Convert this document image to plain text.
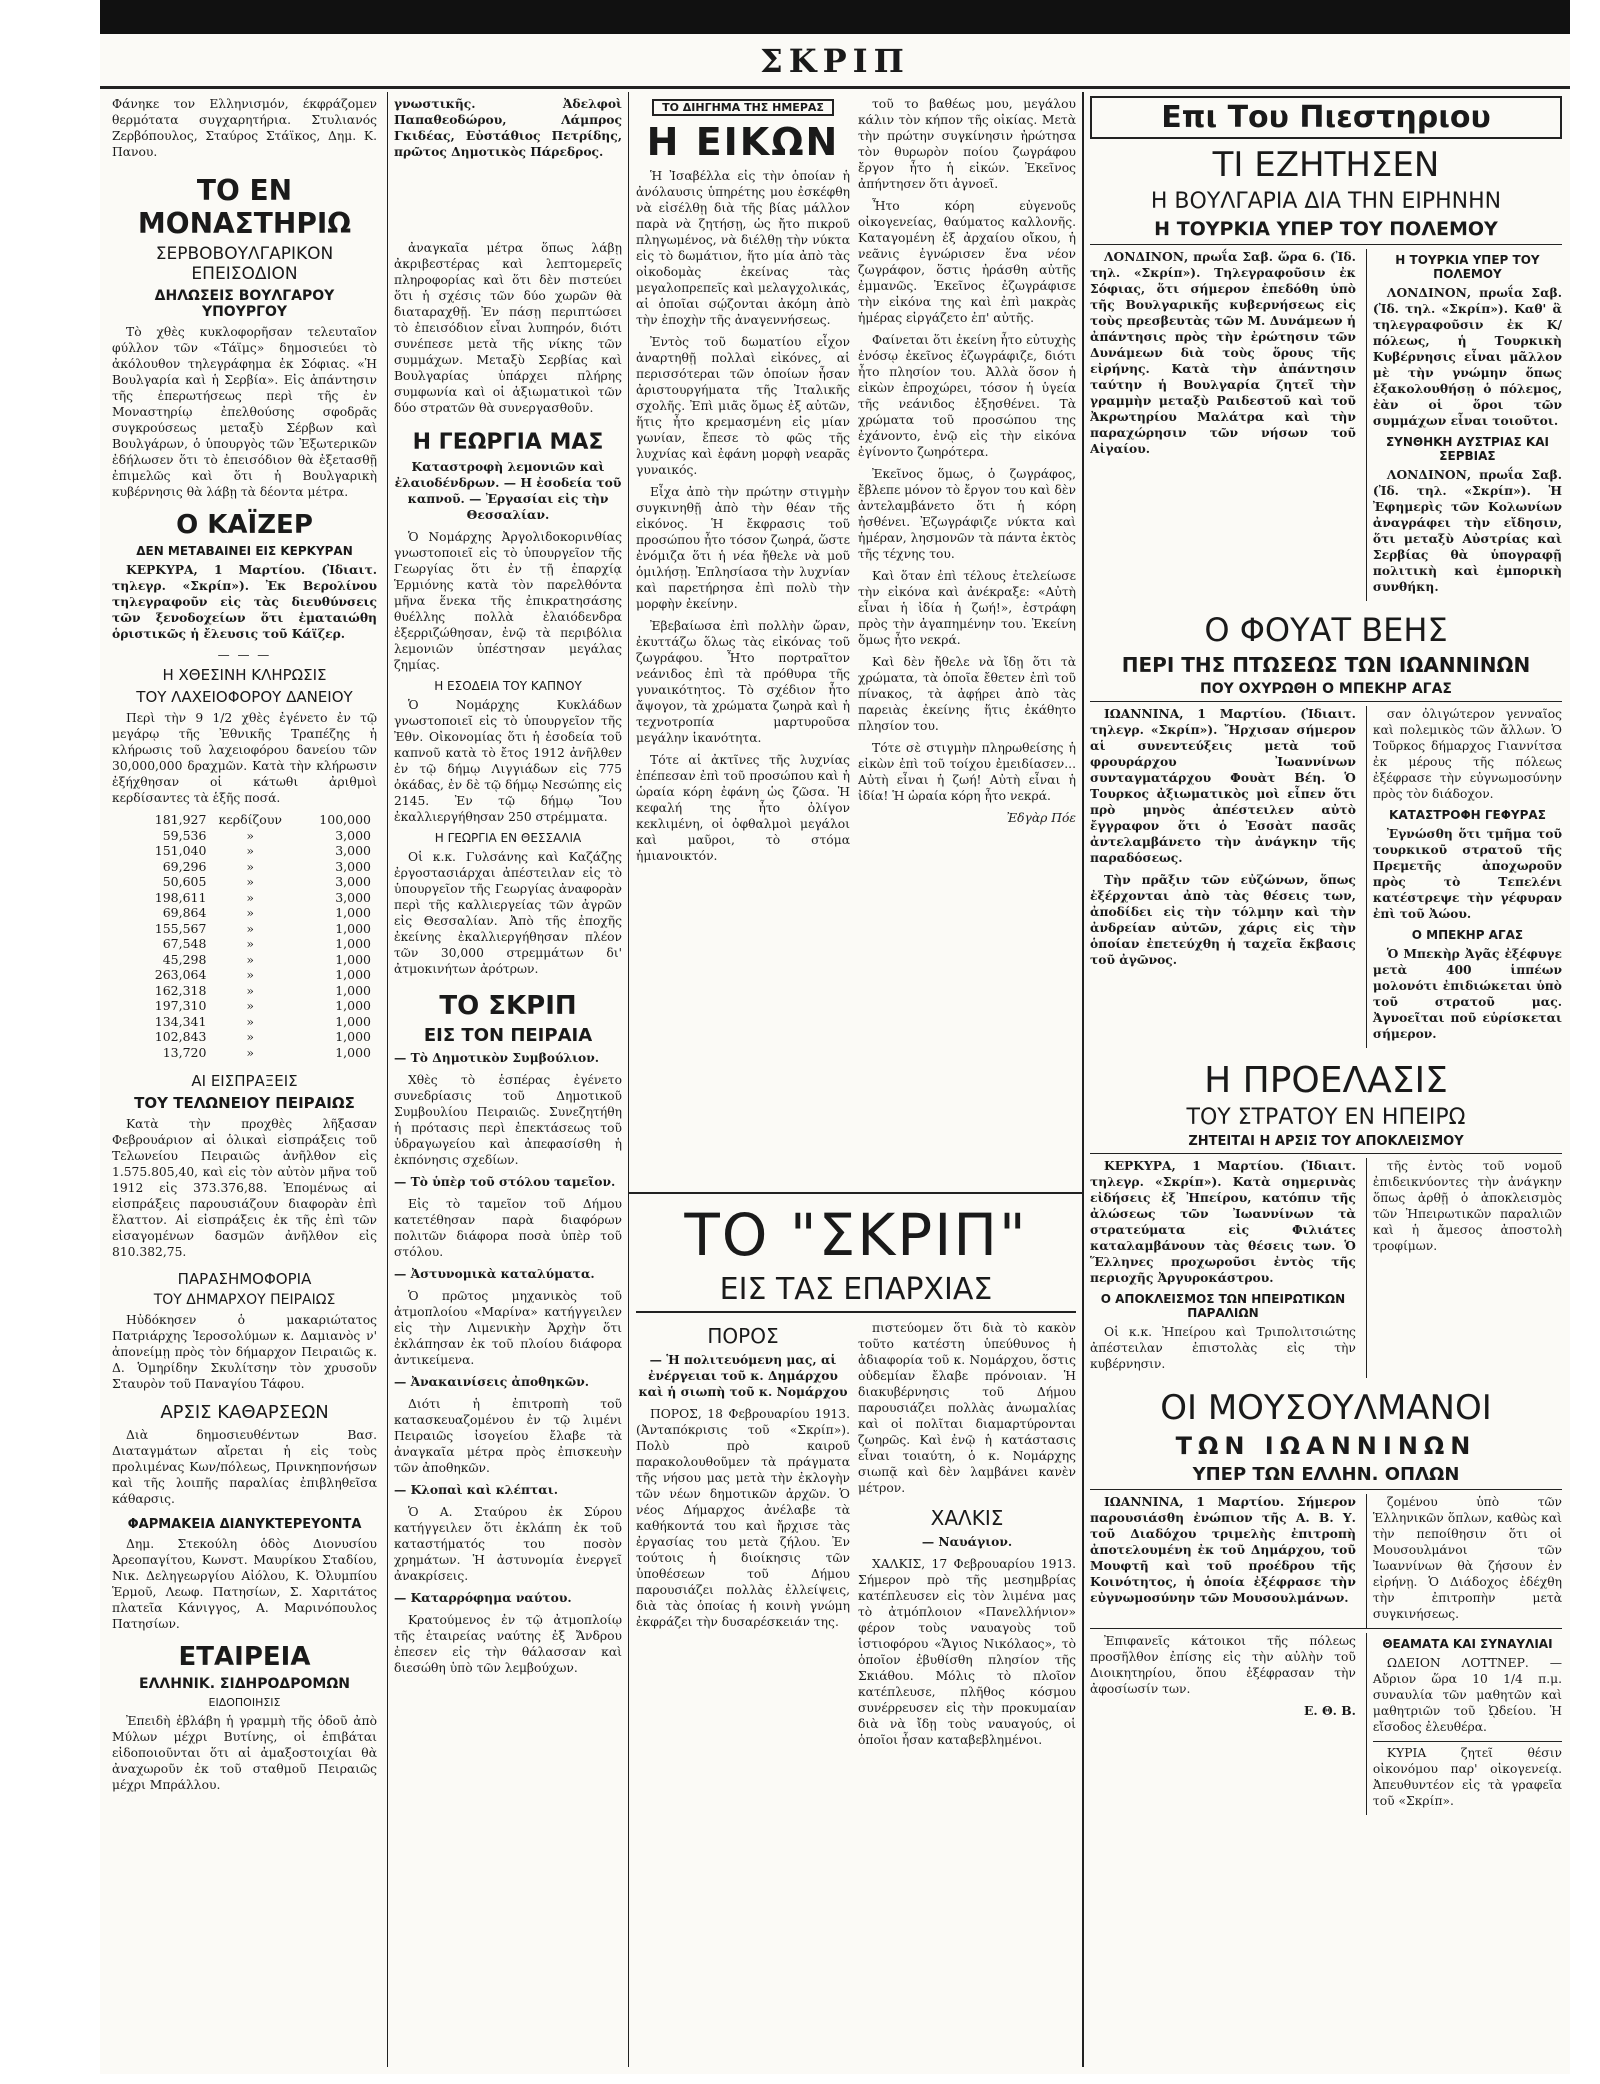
ΣΚΡΙΠ

Φάνηκε τον Ελληνισμόν, έκφράζομεν θερμότατα συγχαρητήρια. Στυλιανός Ζερβόπουλος, Σταύρος Στάϊκος, Δημ. Κ. Πανου.

ΤΟ ΕΝ ΜΟΝΑΣΤΗΡΙΩ
ΣΕΡΒΟΒΟΥΛΓΑΡΙΚΟΝ ΕΠΕΙΣΟΔΙΟΝ
ΔΗΛΩΣΕΙΣ ΒΟΥΛΓΑΡΟΥ ΥΠΟΥΡΓΟΥ

Τὸ χθὲς κυκλοφορῆσαν τελευταῖον φύλλον τῶν «Τάϊμς» δημοσιεύει τὸ ἀκόλουθον τηλεγράφημα ἐκ Σόφιας. «Ἡ Βουλγαρία καὶ ἡ Σερβία». Εἰς ἀπάντησιν τῆς ἐπερωτήσεως περὶ τῆς ἐν Μοναστηρίῳ ἐπελθούσης σφοδρᾶς συγκρούσεως μεταξὺ Σέρβων καὶ Βουλγάρων, ὁ ὑπουργὸς τῶν Ἐξωτερικῶν ἐδήλωσεν ὅτι τὸ ἐπεισόδιον θὰ ἐξετασθῇ ἐπιμελῶς καὶ ὅτι ἡ Βουλγαρικὴ κυβέρνησις θὰ λάβῃ τὰ δέοντα μέτρα.

Ο ΚΑΪΖΕΡ
ΔΕΝ ΜΕΤΑΒΑΙΝΕΙ ΕΙΣ ΚΕΡΚΥΡΑΝ

ΚΕΡΚΥΡΑ, 1 Μαρτίου. (Ἰδιαιτ. τηλεγρ. «Σκρίπ»). Ἐκ Βερολίνου τηλεγραφοῦν εἰς τὰς διευθύνσεις τῶν ξενοδοχείων ὅτι ἐματαιώθη ὁριστικῶς ἡ ἔλευσις τοῦ Κάϊζερ.

— — —
Η ΧΘΕΣΙΝΗ ΚΛΗΡΩΣΙΣ
ΤΟΥ ΛΑΧΕΙΟΦΟΡΟΥ ΔΑΝΕΙΟΥ

Περὶ τὴν 9 1/2 χθὲς ἐγένετο ἐν τῷ μεγάρῳ τῆς Ἐθνικῆς Τραπέζης ἡ κλήρωσις τοῦ λαχειοφόρου δανείου τῶν 30,000,000 δραχμῶν. Κατὰ τὴν κλήρωσιν ἐξήχθησαν οἱ κάτωθι ἀριθμοὶ κερδίσαντες τὰ ἑξῆς ποσά.

181,927	κερδίζουν	100,000
59,536	»	3,000
151,040	»	3,000
69,296	»	3,000
50,605	»	3,000
198,611	»	3,000
69,864	»	1,000
155,567	»	1,000
67,548	»	1,000
45,298	»	1,000
263,064	»	1,000
162,318	»	1,000
197,310	»	1,000
134,341	»	1,000
102,843	»	1,000
13,720	»	1,000
ΑΙ ΕΙΣΠΡΑΞΕΙΣ
ΤΟΥ ΤΕΛΩΝΕΙΟΥ ΠΕΙΡΑΙΩΣ

Κατὰ τὴν προχθὲς λῆξασαν Φεβρουάριον αἱ ὁλικαὶ εἰσπράξεις τοῦ Τελωνείου Πειραιῶς ἀνῆλθον εἰς 1.575.805,40, καὶ εἰς τὸν αὐτὸν μῆνα τοῦ 1912 εἰς 373.376,88. Ἐπομένως αἱ εἰσπράξεις παρουσιάζουν διαφορὰν ἐπὶ ἔλαττον. Αἱ εἰσπράξεις ἐκ τῆς ἐπὶ τῶν εἰσαγομένων δασμῶν ἀνῆλθον εἰς 810.382,75.

ΠΑΡΑΣΗΜΟΦΟΡΙΑ
ΤΟΥ ΔΗΜΑΡΧΟΥ ΠΕΙΡΑΙΩΣ

Ηὐδόκησεν ὁ μακαριώτατος Πατριάρχης Ἱεροσολύμων κ. Δαμιανὸς ν' ἀπονείμῃ πρὸς τὸν δήμαρχον Πειραιῶς κ. Δ. Ὁμηρίδην Σκυλίτσην τὸν χρυσοῦν Σταυρὸν τοῦ Παναγίου Τάφου.

ΑΡΣΙΣ ΚΑΘΑΡΣΕΩΝ

Διὰ δημοσιευθέντων Βασ. Διαταγμάτων αἴρεται ἡ εἰς τοὺς προλιμένας Κων/πόλεως, Πρινκηπονήσων καὶ τῆς λοιπῆς παραλίας ἐπιβληθεῖσα κάθαρσις.

ΦΑΡΜΑΚΕΙΑ ΔΙΑΝΥΚΤΕΡΕΥΟΝΤΑ

Δημ. Στεκούλη ὁδὸς Διονυσίου Ἀρεοπαγίτου, Κωνστ. Μαυρίκου Σταδίου, Νικ. Δεληγεωργίου Αἰόλου, Κ. Ὀλυμπίου Ἑρμοῦ, Λεωφ. Πατησίων, Σ. Χαριτάτος πλατεῖα Κάνιγγος, Α. Μαρινόπουλος Πατησίων.

ΕΤΑΙΡΕΙΑ
ΕΛΛΗΝΙΚ. ΣΙΔΗΡΟΔΡΟΜΩΝ
ΕΙΔΟΠΟΙΗΣΙΣ

Ἐπειδὴ ἐβλάβη ἡ γραμμὴ τῆς ὁδοῦ ἀπὸ Μύλων μέχρι Βυτίνης, οἱ ἐπιβάται εἰδοποιοῦνται ὅτι αἱ ἀμαξοστοιχίαι θὰ ἀναχωροῦν ἐκ τοῦ σταθμοῦ Πειραιῶς μέχρι Μπράλλου.

γνωστικῆς. Ἀδελφοὶ Παπαθεοδώρου, Λάμπρος Γκιδέας, Εὐστάθιος Πετρίδης, πρῶτος Δημοτικὸς Πάρεδρος.

ἀναγκαῖα μέτρα ὅπως λάβῃ ἀκριβεστέρας καὶ λεπτομερεῖς πληροφορίας καὶ ὅτι δὲν πιστεύει ὅτι ἡ σχέσις τῶν δύο χωρῶν θὰ διαταραχθῇ. Ἐν πάσῃ περιπτώσει τὸ ἐπεισόδιον εἶναι λυπηρόν, διότι συνέπεσε μετὰ τῆς νίκης τῶν συμμάχων. Μεταξὺ Σερβίας καὶ Βουλγαρίας ὑπάρχει πλήρης συμφωνία καὶ οἱ ἀξιωματικοὶ τῶν δύο στρατῶν θὰ συνεργασθοῦν.

Η ΓΕΩΡΓΙΑ ΜΑΣ

Καταστροφὴ λεμονιῶν καὶ ἐλαιοδένδρων. — Η ἐσοδεία τοῦ καπνοῦ. — Ἐργασίαι εἰς τὴν Θεσσαλίαν.

Ὁ Νομάρχης Ἀργολιδοκορινθίας γνωστοποιεῖ εἰς τὸ ὑπουργεῖον τῆς Γεωργίας ὅτι ἐν τῇ ἐπαρχίᾳ Ἑρμιόνης κατὰ τὸν παρελθόντα μῆνα ἕνεκα τῆς ἐπικρατησάσης θυέλλης πολλὰ ἐλαιόδενδρα ἐξερριζώθησαν, ἐνῷ τὰ περιβόλια λεμονιῶν ὑπέστησαν μεγάλας ζημίας.

Η ΕΣΟΔΕΙΑ ΤΟΥ ΚΑΠΝΟΥ

Ὁ Νομάρχης Κυκλάδων γνωστοποιεῖ εἰς τὸ ὑπουργεῖον τῆς Ἐθν. Οἰκονομίας ὅτι ἡ ἐσοδεία τοῦ καπνοῦ κατὰ τὸ ἔτος 1912 ἀνῆλθεν ἐν τῷ δήμῳ Λιγγιάδων εἰς 775 ὀκάδας, ἐν δὲ τῷ δήμῳ Νεσώπης εἰς 2145. Ἐν τῷ δήμῳ Ἴου ἐκαλλιεργήθησαν 250 στρέμματα.

Η ΓΕΩΡΓΙΑ ΕΝ ΘΕΣΣΑΛΙΑ

Οἱ κ.κ. Γυλσάνης καὶ Καζάζης ἐργοστασιάρχαι ἀπέστειλαν εἰς τὸ ὑπουργεῖον τῆς Γεωργίας ἀναφορὰν περὶ τῆς καλλιεργείας τῶν ἀγρῶν εἰς Θεσσαλίαν. Ἀπὸ τῆς ἐποχῆς ἐκείνης ἐκαλλιεργήθησαν πλέον τῶν 30,000 στρεμμάτων δι' ἀτμοκινήτων ἀρότρων.

ΤΟ ΣΚΡΙΠ
ΕΙΣ ΤΟΝ ΠΕΙΡΑΙΑ

— Τὸ Δημοτικὸν Συμβούλιον.

Χθὲς τὸ ἑσπέρας ἐγένετο συνεδρίασις τοῦ Δημοτικοῦ Συμβουλίου Πειραιῶς. Συνεζητήθη ἡ πρότασις περὶ ἐπεκτάσεως τοῦ ὑδραγωγείου καὶ ἀπεφασίσθη ἡ ἐκπόνησις σχεδίων.

— Τὸ ὑπὲρ τοῦ στόλου ταμεῖον.

Εἰς τὸ ταμεῖον τοῦ Δήμου κατετέθησαν παρὰ διαφόρων πολιτῶν διάφορα ποσὰ ὑπὲρ τοῦ στόλου.

— Ἀστυνομικὰ καταλύματα.

Ὁ πρῶτος μηχανικὸς τοῦ ἀτμοπλοίου «Μαρίνα» κατήγγειλεν εἰς τὴν Λιμενικὴν Ἀρχὴν ὅτι ἐκλάπησαν ἐκ τοῦ πλοίου διάφορα ἀντικείμενα.

— Ἀνακαινίσεις ἀποθηκῶν.

Διότι ἡ ἐπιτροπὴ τοῦ κατασκευαζομένου ἐν τῷ λιμένι Πειραιῶς ἰσογείου ἔλαβε τὰ ἀναγκαῖα μέτρα πρὸς ἐπισκευὴν τῶν ἀποθηκῶν.

— Κλοπαὶ καὶ κλέπται.

Ὁ Α. Σταύρου ἐκ Σύρου κατήγγειλεν ὅτι ἐκλάπη ἐκ τοῦ καταστήματός του ποσὸν χρημάτων. Ἡ ἀστυνομία ἐνεργεῖ ἀνακρίσεις.

— Καταρρόφημα ναύτου.

Κρατούμενος ἐν τῷ ἀτμοπλοίῳ τῆς ἑταιρείας ναύτης ἐξ Ἄνδρου ἐπεσεν εἰς τὴν θάλασσαν καὶ διεσώθη ὑπὸ τῶν λεμβούχων.

ΤΟ ΔΙΗΓΗΜΑ ΤΗΣ ΗΜΕΡΑΣ
Η ΕΙΚΩΝ

Ἡ Ἰσαβέλλα εἰς τὴν ὁποίαν ἡ ἀνόλαυσις ὑπηρέτης μου ἐσκέφθη νὰ εἰσέλθῃ διὰ τῆς βίας μάλλον παρὰ νὰ ζητήσῃ, ὡς ἤτο πικροῦ πληγωμένος, νὰ διέλθῃ τὴν νύκτα εἰς τὸ δωμάτιον, ἥτο μία ἀπὸ τὰς οἰκοδομὰς ἐκείνας τὰς μεγαλοπρεπεῖς καὶ μελαγχολικάς, αἱ ὁποῖαι σῴζονται ἀκόμη ἀπὸ τὴν ἐποχὴν τῆς ἀναγεννήσεως.

Ἐντὸς τοῦ δωματίου εἶχον ἀναρτηθῇ πολλαὶ εἰκόνες, αἱ περισσότεραι τῶν ὁποίων ἦσαν ἀριστουργήματα τῆς Ἰταλικῆς σχολῆς. Ἐπὶ μιᾶς ὅμως ἐξ αὐτῶν, ἥτις ἦτο κρεμασμένη εἰς μίαν γωνίαν, ἔπεσε τὸ φῶς τῆς λυχνίας καὶ ἐφάνη μορφὴ νεαρᾶς γυναικός.

Εἶχα ἀπὸ τὴν πρώτην στιγμὴν συγκινηθῇ ἀπὸ τὴν θέαν τῆς εἰκόνος. Ἡ ἔκφρασις τοῦ προσώπου ἦτο τόσον ζωηρά, ὥστε ἐνόμιζα ὅτι ἡ νέα ἤθελε νὰ μοῦ ὁμιλήσῃ. Ἐπλησίασα τὴν λυχνίαν καὶ παρετήρησα ἐπὶ πολὺ τὴν μορφὴν ἐκείνην.

Ἐβεβαίωσα ἐπὶ πολλὴν ὥραν, ἐκυττάζω ὅλως τὰς εἰκόνας τοῦ ζωγράφου. Ἦτο πορτραῖτον νεάνιδος ἐπὶ τὰ πρόθυρα τῆς γυναικότητος. Τὸ σχέδιον ἦτο ἄψογον, τὰ χρώματα ζωηρὰ καὶ ἡ τεχνοτροπία μαρτυροῦσα μεγάλην ἱκανότητα.

Τότε αἱ ἀκτῖνες τῆς λυχνίας ἐπέπεσαν ἐπὶ τοῦ προσώπου καὶ ἡ ὡραία κόρη ἐφάνη ὡς ζῶσα. Ἡ κεφαλή της ἦτο ὀλίγον κεκλιμένη, οἱ ὀφθαλμοὶ μεγάλοι καὶ μαῦροι, τὸ στόμα ἡμιανοικτόν.

τοῦ το βαθέως μου, μεγάλου κάλιν τὸν κήπον τῆς οἰκίας. Μετὰ τὴν πρώτην συγκίνησιν ἠρώτησα τὸν θυρωρὸν ποίου ζωγράφου ἔργον ἦτο ἡ εἰκών. Ἐκεῖνος ἀπήντησεν ὅτι ἀγνοεῖ.

Ἦτο κόρη εὐγενοῦς οἰκογενείας, θαύματος καλλονῆς. Καταγομένη ἐξ ἀρχαίου οἴκου, ἡ νεᾶνις ἐγνώρισεν ἕνα νέον ζωγράφον, ὅστις ἠράσθη αὐτῆς ἐμμανῶς. Ἐκεῖνος ἐζωγράφισε τὴν εἰκόνα της καὶ ἐπὶ μακρὰς ἡμέρας εἰργάζετο ἐπ' αὐτῆς.

Φαίνεται ὅτι ἐκείνη ἦτο εὐτυχὴς ἐνόσῳ ἐκεῖνος ἐζωγράφιζε, διότι ἦτο πλησίον του. Ἀλλὰ ὅσον ἡ εἰκὼν ἐπροχώρει, τόσον ἡ ὑγεία τῆς νεάνιδος ἐξησθένει. Τὰ χρώματα τοῦ προσώπου της ἐχάνοντο, ἐνῷ εἰς τὴν εἰκόνα ἐγίνοντο ζωηρότερα.

Ἐκεῖνος ὅμως, ὁ ζωγράφος, ἔβλεπε μόνον τὸ ἔργον του καὶ δὲν ἀντελαμβάνετο ὅτι ἡ κόρη ἠσθένει. Ἐζωγράφιζε νύκτα καὶ ἡμέραν, λησμονῶν τὰ πάντα ἐκτὸς τῆς τέχνης του.

Καὶ ὅταν ἐπὶ τέλους ἐτελείωσε τὴν εἰκόνα καὶ ἀνέκραξε: «Αὐτὴ εἶναι ἡ ἰδία ἡ ζωή!», ἐστράφη πρὸς τὴν ἀγαπημένην του. Ἐκείνη ὅμως ἦτο νεκρά.

Καὶ δὲν ἤθελε νὰ ἴδῃ ὅτι τὰ χρώματα, τὰ ὁποῖα ἔθετεν ἐπὶ τοῦ πίνακος, τὰ ἀφῄρει ἀπὸ τὰς παρειὰς ἐκείνης ἥτις ἐκάθητο πλησίον του.

Τότε σὲ στιγμὴν πληρωθείσης ἡ εἰκὼν ἐπὶ τοῦ τοίχου ἐμειδίασεν... Αὐτὴ εἶναι ἡ ζωή! Αὐτὴ εἶναι ἡ ἰδία! Ἡ ὡραία κόρη ἦτο νεκρά.

Ἐδγὰρ Πόε

ΤΟ "ΣΚΡΙΠ"
ΕΙΣ ΤΑΣ ΕΠΑΡΧΙΑΣ
ΠΟΡΟΣ

— Ἡ πολιτευόμενη μας, αἱ ἐνέργειαι τοῦ κ. Δημάρχου καὶ ἡ σιωπὴ τοῦ κ. Νομάρχου

ΠΟΡΟΣ, 18 Φεβρουαρίου 1913. (Ἀνταπόκρισις τοῦ «Σκρίπ»). Πολὺ πρὸ καιροῦ παρακολουθοῦμεν τὰ πράγματα τῆς νήσου μας μετὰ τὴν ἐκλογὴν τῶν νέων δημοτικῶν ἀρχῶν. Ὁ νέος Δήμαρχος ἀνέλαβε τὰ καθήκοντά του καὶ ἤρχισε τὰς ἐργασίας του μετὰ ζήλου. Ἐν τούτοις ἡ διοίκησις τῶν ὑποθέσεων τοῦ Δήμου παρουσιάζει πολλὰς ἐλλείψεις, διὰ τὰς ὁποίας ἡ κοινὴ γνώμη ἐκφράζει τὴν δυσαρέσκειάν της.

πιστεύομεν ὅτι διὰ τὸ κακὸν τοῦτο κατέστη ὑπεύθυνος ἡ ἀδιαφορία τοῦ κ. Νομάρχου, ὅστις οὐδεμίαν ἔλαβε πρόνοιαν. Ἡ διακυβέρνησις τοῦ Δήμου παρουσιάζει πολλὰς ἀνωμαλίας καὶ οἱ πολῖται διαμαρτύρονται ζωηρῶς. Καὶ ἐνῷ ἡ κατάστασις εἶναι τοιαύτη, ὁ κ. Νομάρχης σιωπᾷ καὶ δὲν λαμβάνει κανὲν μέτρον.

ΧΑΛΚΙΣ

— Ναυάγιον.

ΧΑΛΚΙΣ, 17 Φεβρουαρίου 1913. Σήμερον πρὸ τῆς μεσημβρίας κατέπλευσεν εἰς τὸν λιμένα μας τὸ ἀτμόπλοιον «Πανελλήνιον» φέρον τοὺς ναυαγοὺς τοῦ ἱστιοφόρου «Ἅγιος Νικόλαος», τὸ ὁποῖον ἐβυθίσθη πλησίον τῆς Σκιάθου. Μόλις τὸ πλοῖον κατέπλευσε, πλῆθος κόσμου συνέρρευσεν εἰς τὴν προκυμαίαν διὰ νὰ ἴδῃ τοὺς ναυαγούς, οἱ ὁποῖοι ἦσαν καταβεβλημένοι.

Επι Του Πιεστηριου
ΤΙ ΕΖΗΤΗΣΕΝ
Η ΒΟΥΛΓΑΡΙΑ ΔΙΑ ΤΗΝ ΕΙΡΗΝΗΝ
Η ΤΟΥΡΚΙΑ ΥΠΕΡ ΤΟΥ ΠΟΛΕΜΟΥ

ΛΟΝΔΙΝΟΝ, πρωΐα Σαβ. ὥρα 6. (Ἰδ. τηλ. «Σκρίπ»). Τηλεγραφοῦσιν ἐκ Σόφιας, ὅτι σήμερον ἐπεδόθη ὑπὸ τῆς Βουλγαρικῆς κυβερνήσεως εἰς τοὺς πρεσβευτὰς τῶν Μ. Δυνάμεων ἡ ἀπάντησις πρὸς τὴν ἐρώτησιν τῶν Δυνάμεων διὰ τοὺς ὅρους τῆς εἰρήνης. Κατὰ τὴν ἀπάντησιν ταύτην ἡ Βουλγαρία ζητεῖ τὴν γραμμὴν μεταξὺ Ραιδεστοῦ καὶ τοῦ Ἀκρωτηρίου Μαλάτρα καὶ τὴν παραχώρησιν τῶν νήσων τοῦ Αἰγαίου.

Η ΤΟΥΡΚΙΑ ΥΠΕΡ ΤΟΥ ΠΟΛΕΜΟΥ

ΛΟΝΔΙΝΟΝ, πρωΐα Σαβ. (Ἰδ. τηλ. «Σκρίπ»). Καθ' ἃ τηλεγραφοῦσιν ἐκ Κ/πόλεως, ἡ Τουρκικὴ Κυβέρνησις εἶναι μᾶλλον μὲ τὴν γνώμην ὅπως ἐξακολουθήσῃ ὁ πόλεμος, ἐὰν οἱ ὅροι τῶν συμμάχων εἶναι τοιοῦτοι.

ΣΥΝΘΗΚΗ ΑΥΣΤΡΙΑΣ ΚΑΙ ΣΕΡΒΙΑΣ

ΛΟΝΔΙΝΟΝ, πρωΐα Σαβ. (Ἰδ. τηλ. «Σκρίπ»). Ἡ Ἐφημερὶς τῶν Κολωνίων ἀναγράφει τὴν εἴδησιν, ὅτι μεταξὺ Αὐστρίας καὶ Σερβίας θὰ ὑπογραφῇ πολιτικὴ καὶ ἐμπορικὴ συνθήκη.

Ο ΦΟΥΑΤ ΒΕΗΣ
ΠΕΡΙ ΤΗΣ ΠΤΩΣΕΩΣ ΤΩΝ ΙΩΑΝΝΙΝΩΝ
ΠΟΥ ΟΧΥΡΩΘΗ Ο ΜΠΕΚΗΡ ΑΓΑΣ

ΙΩΑΝΝΙΝΑ, 1 Μαρτίου. (Ἰδιαιτ. τηλεγρ. «Σκρίπ»). Ἤρχισαν σήμερον αἱ συνεντεύξεις μετὰ τοῦ φρουράρχου Ἰωαννίνων συνταγματάρχου Φουὰτ Βέη. Ὁ Τουρκος ἀξιωματικὸς μοὶ εἶπεν ὅτι πρὸ μηνὸς ἀπέστειλεν αὐτὸ ἔγγραφον ὅτι ὁ Ἐσσὰτ πασᾶς ἀντελαμβάνετο τὴν ἀνάγκην τῆς παραδόσεως.

Τὴν πρᾶξιν τῶν εὐζώνων, ὅπως ἐξέρχονται ἀπὸ τὰς θέσεις των, ἀποδίδει εἰς τὴν τόλμην καὶ τὴν ἀνδρείαν αὐτῶν, χάρις εἰς τὴν ὁποίαν ἐπετεύχθη ἡ ταχεῖα ἔκβασις τοῦ ἀγῶνος.

σαν ὀλιγώτερον γενναῖος καὶ πολεμικὸς τῶν ἄλλων. Ὁ Τοῦρκος δήμαρχος Γιαννίτσα ἐκ μέρους τῆς πόλεως ἐξέφρασε τὴν εὐγνωμοσύνην πρὸς τὸν διάδοχον.

ΚΑΤΑΣΤΡΟΦΗ ΓΕΦΥΡΑΣ

Ἐγνώσθη ὅτι τμῆμα τοῦ τουρκικοῦ στρατοῦ τῆς Πρεμετῆς ἀποχωροῦν πρὸς τὸ Τεπελένι κατέστρεψε τὴν γέφυραν ἐπὶ τοῦ Ἀώου.

Ο ΜΠΕΚΗΡ ΑΓΑΣ

Ὁ Μπεκὴρ Ἀγᾶς ἐξέφυγε μετὰ 400 ἱππέων μολονότι ἐπιδιώκεται ὑπὸ τοῦ στρατοῦ μας. Ἀγνοεῖται ποῦ εὑρίσκεται σήμερον.

Η ΠΡΟΕΛΑΣΙΣ
ΤΟΥ ΣΤΡΑΤΟΥ ΕΝ ΗΠΕΙΡΩ
ΖΗΤΕΙΤΑΙ Η ΑΡΣΙΣ ΤΟΥ ΑΠΟΚΛΕΙΣΜΟΥ

ΚΕΡΚΥΡΑ, 1 Μαρτίου. (Ἰδιαιτ. τηλεγρ. «Σκρίπ»). Κατὰ σημερινὰς εἰδήσεις ἐξ Ἠπείρου, κατόπιν τῆς ἀλώσεως τῶν Ἰωαννίνων τὰ στρατεύματα εἰς Φιλιάτες καταλαμβάνουν τὰς θέσεις των. Ὁ Ἕλληνες προχωροῦσι ἐντὸς τῆς περιοχῆς Ἀργυροκάστρου.

Ο ΑΠΟΚΛΕΙΣΜΟΣ ΤΩΝ ΗΠΕΙΡΩΤΙΚΩΝ ΠΑΡΑΛΙΩΝ

Οἱ κ.κ. Ἠπείρου καὶ Τριπολιτσιώτης ἀπέστειλαν ἐπιστολὰς εἰς τὴν κυβέρνησιν.

τῆς ἐντὸς τοῦ νομοῦ ἐπιδεικνύοντες τὴν ἀνάγκην ὅπως ἀρθῇ ὁ ἀποκλεισμὸς τῶν Ἠπειρωτικῶν παραλιῶν καὶ ἡ ἄμεσος ἀποστολὴ τροφίμων.

ΟΙ ΜΟΥΣΟΥΛΜΑΝΟΙ
ΤΩΝ ΙΩΑΝΝΙΝΩΝ
ΥΠΕΡ ΤΩΝ ΕΛΛΗΝ. ΟΠΛΩΝ

ΙΩΑΝΝΙΝΑ, 1 Μαρτίου. Σήμερον παρουσιάσθη ἐνώπιον τῆς Α. Β. Υ. τοῦ Διαδόχου τριμελὴς ἐπιτροπὴ ἀποτελουμένη ἐκ τοῦ Δημάρχου, τοῦ Μουφτῆ καὶ τοῦ προέδρου τῆς Κοινότητος, ἡ ὁποία ἐξέφρασε τὴν εὐγνωμοσύνην τῶν Μουσουλμάνων.

ζομένου ὑπὸ τῶν Ἑλληνικῶν ὅπλων, καθὼς καὶ τὴν πεποίθησιν ὅτι οἱ Μουσουλμάνοι τῶν Ἰωαννίνων θὰ ζήσουν ἐν εἰρήνῃ. Ὁ Διάδοχος ἐδέχθη τὴν ἐπιτροπὴν μετὰ συγκινήσεως.

Ἐπιφανεῖς κάτοικοι τῆς πόλεως προσῆλθον ἐπίσης εἰς τὴν αὐλὴν τοῦ Διοικητηρίου, ὅπου ἐξέφρασαν τὴν ἀφοσίωσίν των.

Ε. Θ. Β.

ΘΕΑΜΑΤΑ ΚΑΙ ΣΥΝΑΥΛΙΑΙ

ΩΔΕΙΟΝ ΛΟΤΤΝΕΡ. — Αὔριον ὥρα 10 1/4 π.μ. συναυλία τῶν μαθητῶν καὶ μαθητριῶν τοῦ ᾨδείου. Ἡ εἴσοδος ἐλευθέρα.

ΚΥΡΙΑ ζητεῖ θέσιν οἰκονόμου παρ' οἰκογενείᾳ. Ἀπευθυντέον εἰς τὰ γραφεῖα τοῦ «Σκρίπ».
